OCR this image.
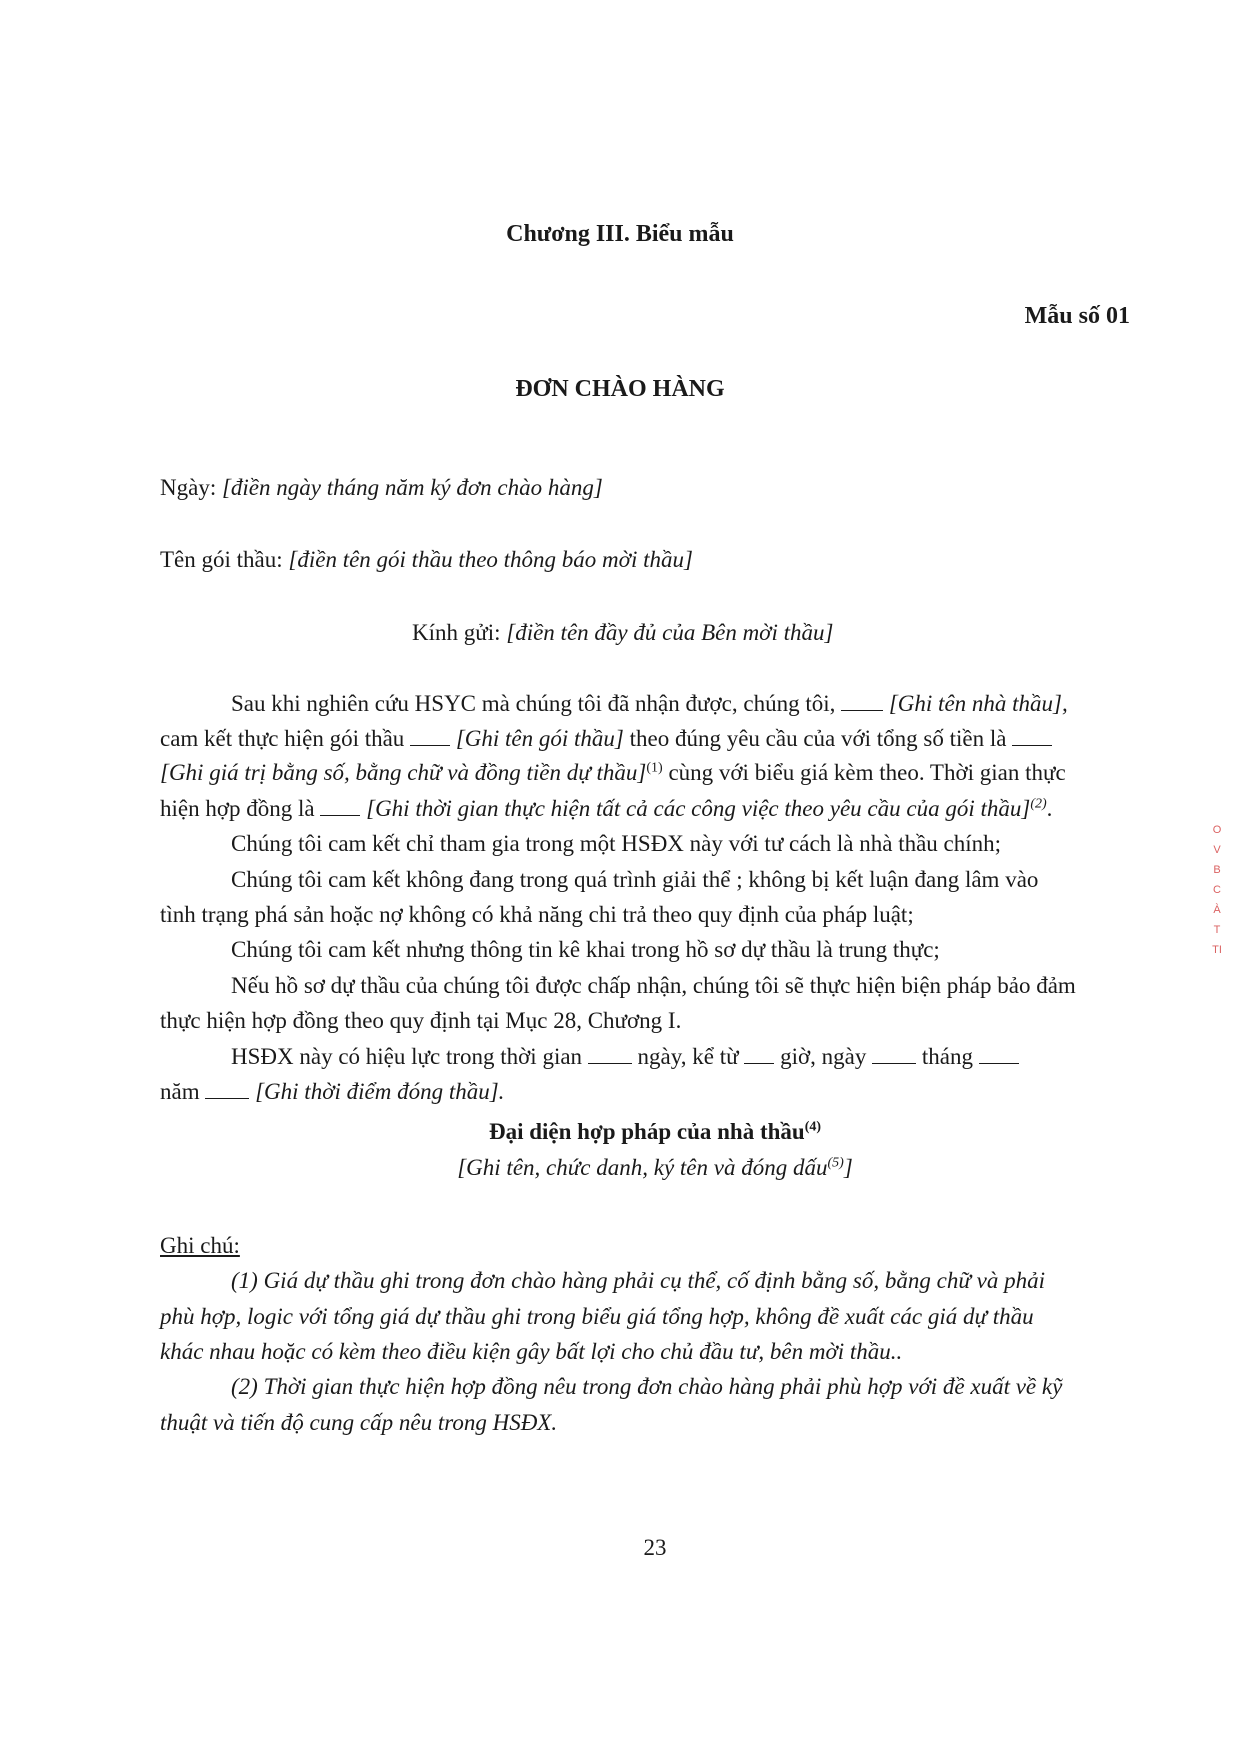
Chương III. Biểu mẫu
Mẫu số 01
ĐƠN CHÀO HÀNG
Ngày: [điền ngày tháng năm ký đơn chào hàng]
Tên gói thầu: [điền tên gói thầu theo thông báo mời thầu]
Kính gửi: [điền tên đầy đủ của Bên mời thầu]
Sau khi nghiên cứu HSYC mà chúng tôi đã nhận được, chúng tôi, [Ghi tên nhà thầu],
cam kết thực hiện gói thầu [Ghi tên gói thầu] theo đúng yêu cầu của với tổng số tiền là
[Ghi giá trị bằng số, bằng chữ và đồng tiền dự thầu]$^{(1)}$ cùng với biểu giá kèm theo. Thời gian thực
hiện hợp đồng là [Ghi thời gian thực hiện tất cả các công việc theo yêu cầu của gói thầu]$^{(2)}$.
Chúng tôi cam kết chỉ tham gia trong một HSĐX này với tư cách là nhà thầu chính;
Chúng tôi cam kết không đang trong quá trình giải thể ; không bị kết luận đang lâm vào
tình trạng phá sản hoặc nợ không có khả năng chi trả theo quy định của pháp luật;
Chúng tôi cam kết nhưng thông tin kê khai trong hồ sơ dự thầu là trung thực;
Nếu hồ sơ dự thầu của chúng tôi được chấp nhận, chúng tôi sẽ thực hiện biện pháp bảo đảm
thực hiện hợp đồng theo quy định tại Mục 28, Chương I.
HSĐX này có hiệu lực trong thời gian ngày, kể từ giờ, ngày tháng
năm [Ghi thời điểm đóng thầu].
Đại diện hợp pháp của nhà thầu$^{(4)}$
[Ghi tên, chức danh, ký tên và đóng dấu$^{(5)}$]
Ghi chú:
(1) Giá dự thầu ghi trong đơn chào hàng phải cụ thể, cố định bằng số, bằng chữ và phải
phù hợp, logic với tổng giá dự thầu ghi trong biểu giá tổng hợp, không đề xuất các giá dự thầu
khác nhau hoặc có kèm theo điều kiện gây bất lợi cho chủ đầu tư, bên mời thầu..
(2) Thời gian thực hiện hợp đồng nêu trong đơn chào hàng phải phù hợp với đề xuất về kỹ
thuật và tiến độ cung cấp nêu trong HSĐX.
23
O
V
B
C
À
T
TI
